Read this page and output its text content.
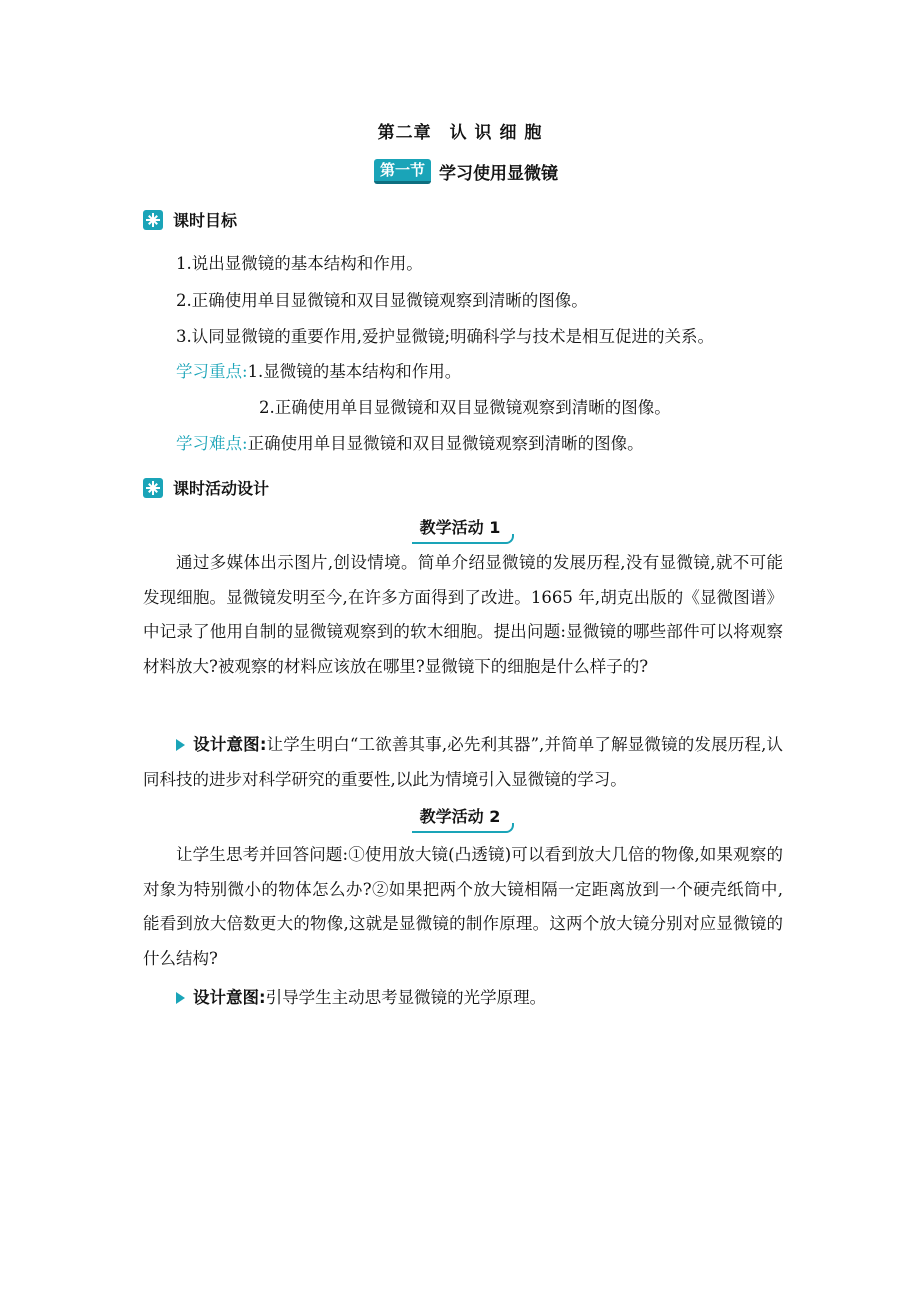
第二章　认 识 细 胞
第一节 学习使用显微镜
课时目标
1.说出显微镜的基本结构和作用。
2.正确使用单目显微镜和双目显微镜观察到清晰的图像。
3.认同显微镜的重要作用,爱护显微镜;明确科学与技术是相互促进的关系。
学习重点:1.显微镜的基本结构和作用。
2.正确使用单目显微镜和双目显微镜观察到清晰的图像。
学习难点:正确使用单目显微镜和双目显微镜观察到清晰的图像。
课时活动设计
教学活动 1
通过多媒体出示图片,创设情境。简单介绍显微镜的发展历程,没有显微镜,就不可能发现细胞。显微镜发明至今,在许多方面得到了改进。1665 年,胡克出版的《显微图谱》中记录了他用自制的显微镜观察到的软木细胞。提出问题:显微镜的哪些部件可以将观察材料放大?被观察的材料应该放在哪里?显微镜下的细胞是什么样子的?
设计意图:让学生明白“工欲善其事,必先利其器”,并简单了解显微镜的发展历程,认同科技的进步对科学研究的重要性,以此为情境引入显微镜的学习。
教学活动 2
让学生思考并回答问题:①使用放大镜(凸透镜)可以看到放大几倍的物像,如果观察的对象为特别微小的物体怎么办?②如果把两个放大镜相隔一定距离放到一个硬壳纸筒中,能看到放大倍数更大的物像,这就是显微镜的制作原理。这两个放大镜分别对应显微镜的什么结构?
设计意图:引导学生主动思考显微镜的光学原理。
